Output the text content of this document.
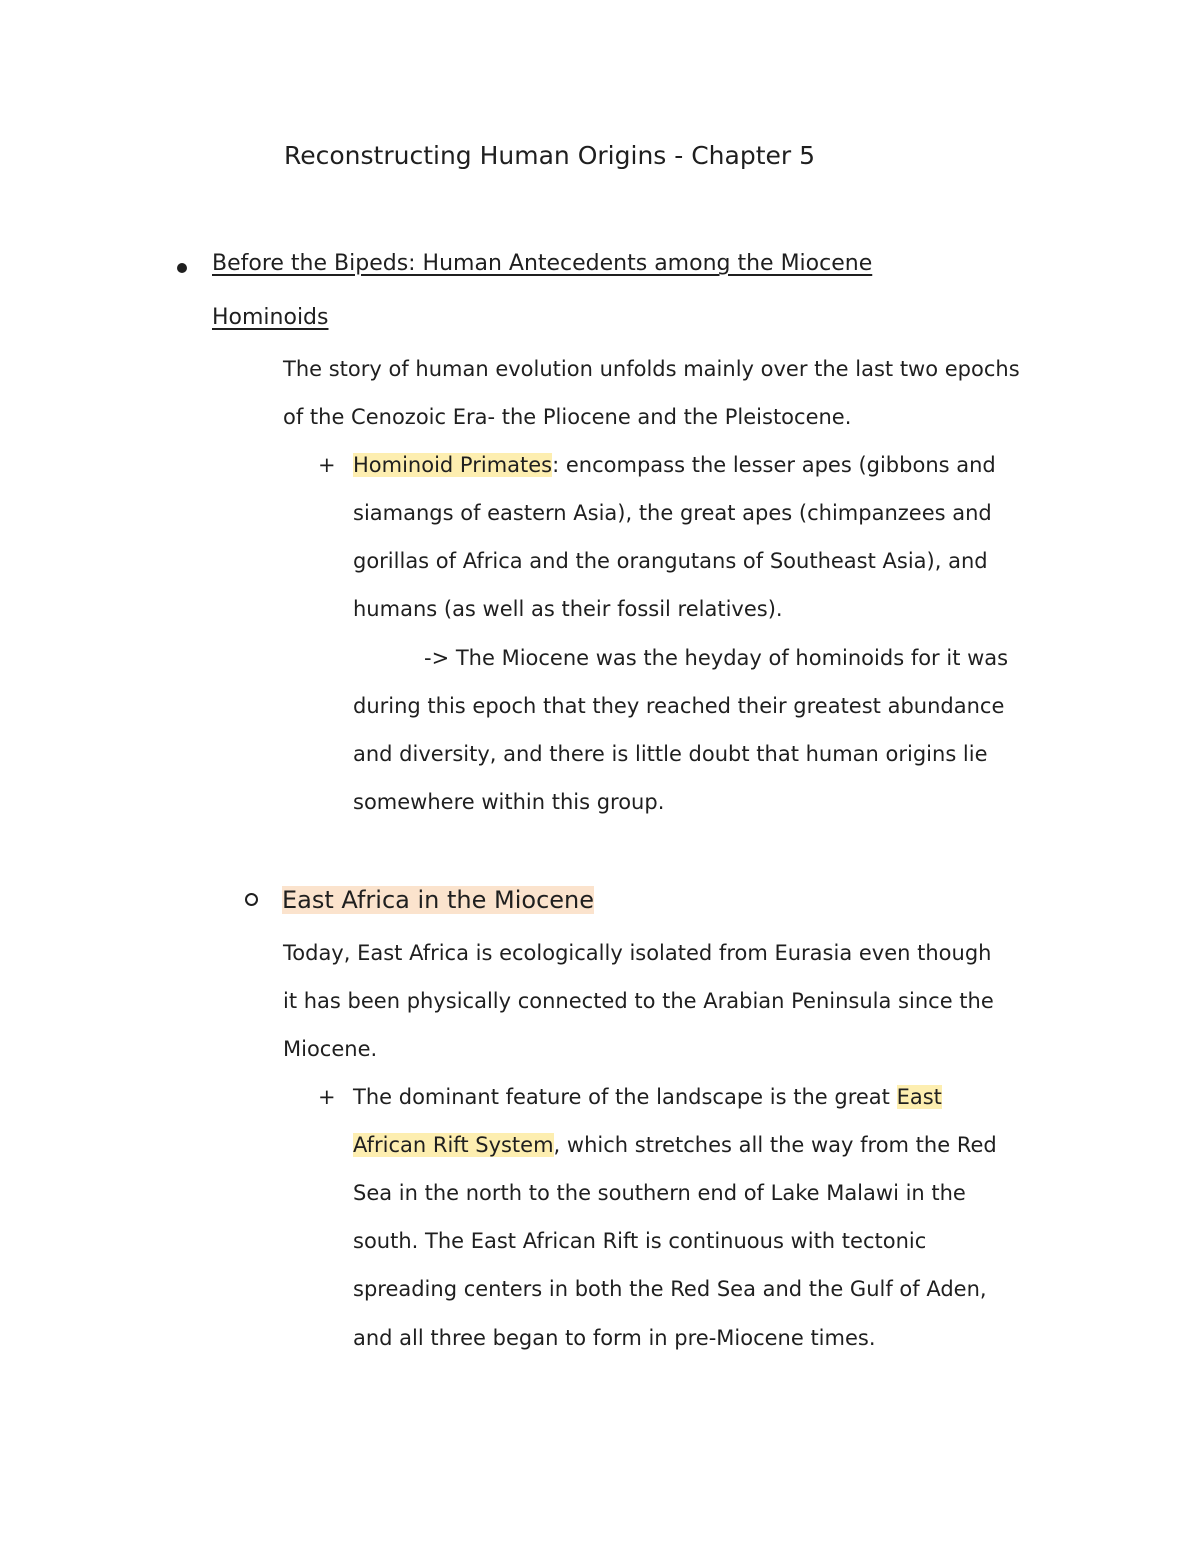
Reconstructing Human Origins - Chapter 5
Before the Bipeds: Human Antecedents among the Miocene
Hominoids
The story of human evolution unfolds mainly over the last two epochs
of the Cenozoic Era- the Pliocene and the Pleistocene.
+ Hominoid Primates: encompass the lesser apes (gibbons and
siamangs of eastern Asia), the great apes (chimpanzees and
gorillas of Africa and the orangutans of Southeast Asia), and
humans (as well as their fossil relatives).
-> The Miocene was the heyday of hominoids for it was
during this epoch that they reached their greatest abundance
and diversity, and there is little doubt that human origins lie
somewhere within this group.
East Africa in the Miocene
Today, East Africa is ecologically isolated from Eurasia even though
it has been physically connected to the Arabian Peninsula since the
Miocene.
+ The dominant feature of the landscape is the great East
African Rift System, which stretches all the way from the Red
Sea in the north to the southern end of Lake Malawi in the
south. The East African Rift is continuous with tectonic
spreading centers in both the Red Sea and the Gulf of Aden,
and all three began to form in pre-Miocene times.
